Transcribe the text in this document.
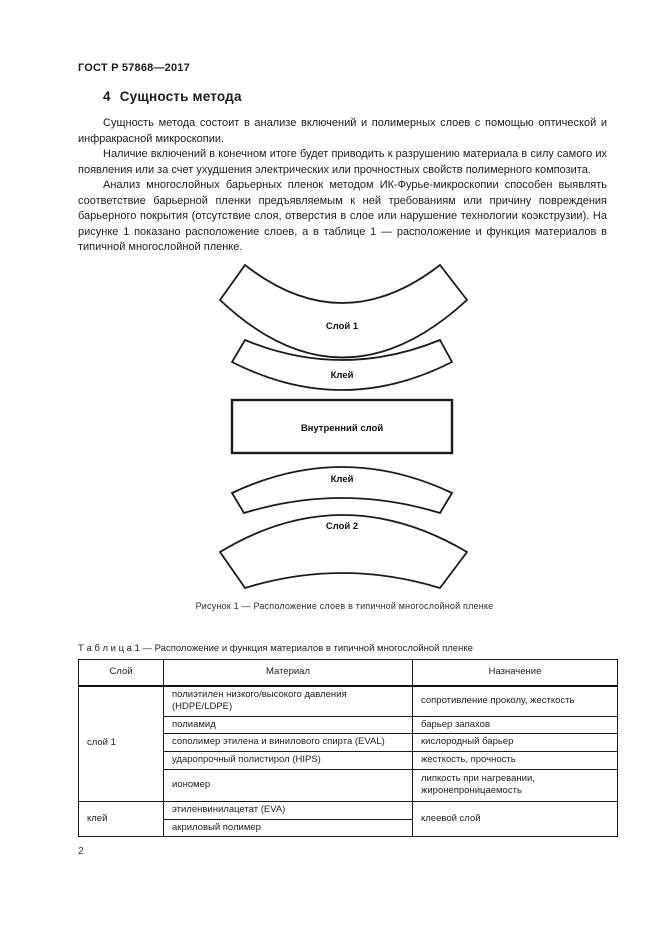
ГОСТ Р 57868—2017
4 Сущность метода

Сущность метода состоит в анализе включений и полимерных слоев с помощью оптической и инфракрасной микроскопии.

Наличие включений в конечном итоге будет приводить к разрушению материала в силу самого их появления или за счет ухудшения электрических или прочностных свойств полимерного композита.

Анализ многослойных барьерных пленок методом ИК-Фурье-микроскопии способен выявлять соответствие барьерной пленки предъявляемым к ней требованиям или причину повреждения барьерного покрытия (отсутствие слоя, отверстия в слое или нарушение технологии коэкструзии). На рисунке 1 показано расположение слоев, а в таблице 1 — расположение и функция материалов в типичной многослойной пленке.

Слой 1
Клей
Внутренний слой
Клей
Слой 2
Рисунок 1 — Расположение слоев в типичной многослойной пленке
Т а б л и ц а 1 — Расположение и функция материалов в типичной многослойной пленке
Слой	Материал	Назначение
слой 1	полиэтилен низкого/высокого давления (HDPE/LDPE)	сопротивление проколу, жесткость
	полиамид	барьер запахов
	сополимер этилена и винилового спирта (EVAL)	кислородный барьер
	ударопрочный полистирол (HIPS)	жесткость, прочность
	иономер	липкость при нагревании, жиронепроницаемость
клей	этиленвинилацетат (EVA)	клеевой слой
	акриловый полимер	
2
